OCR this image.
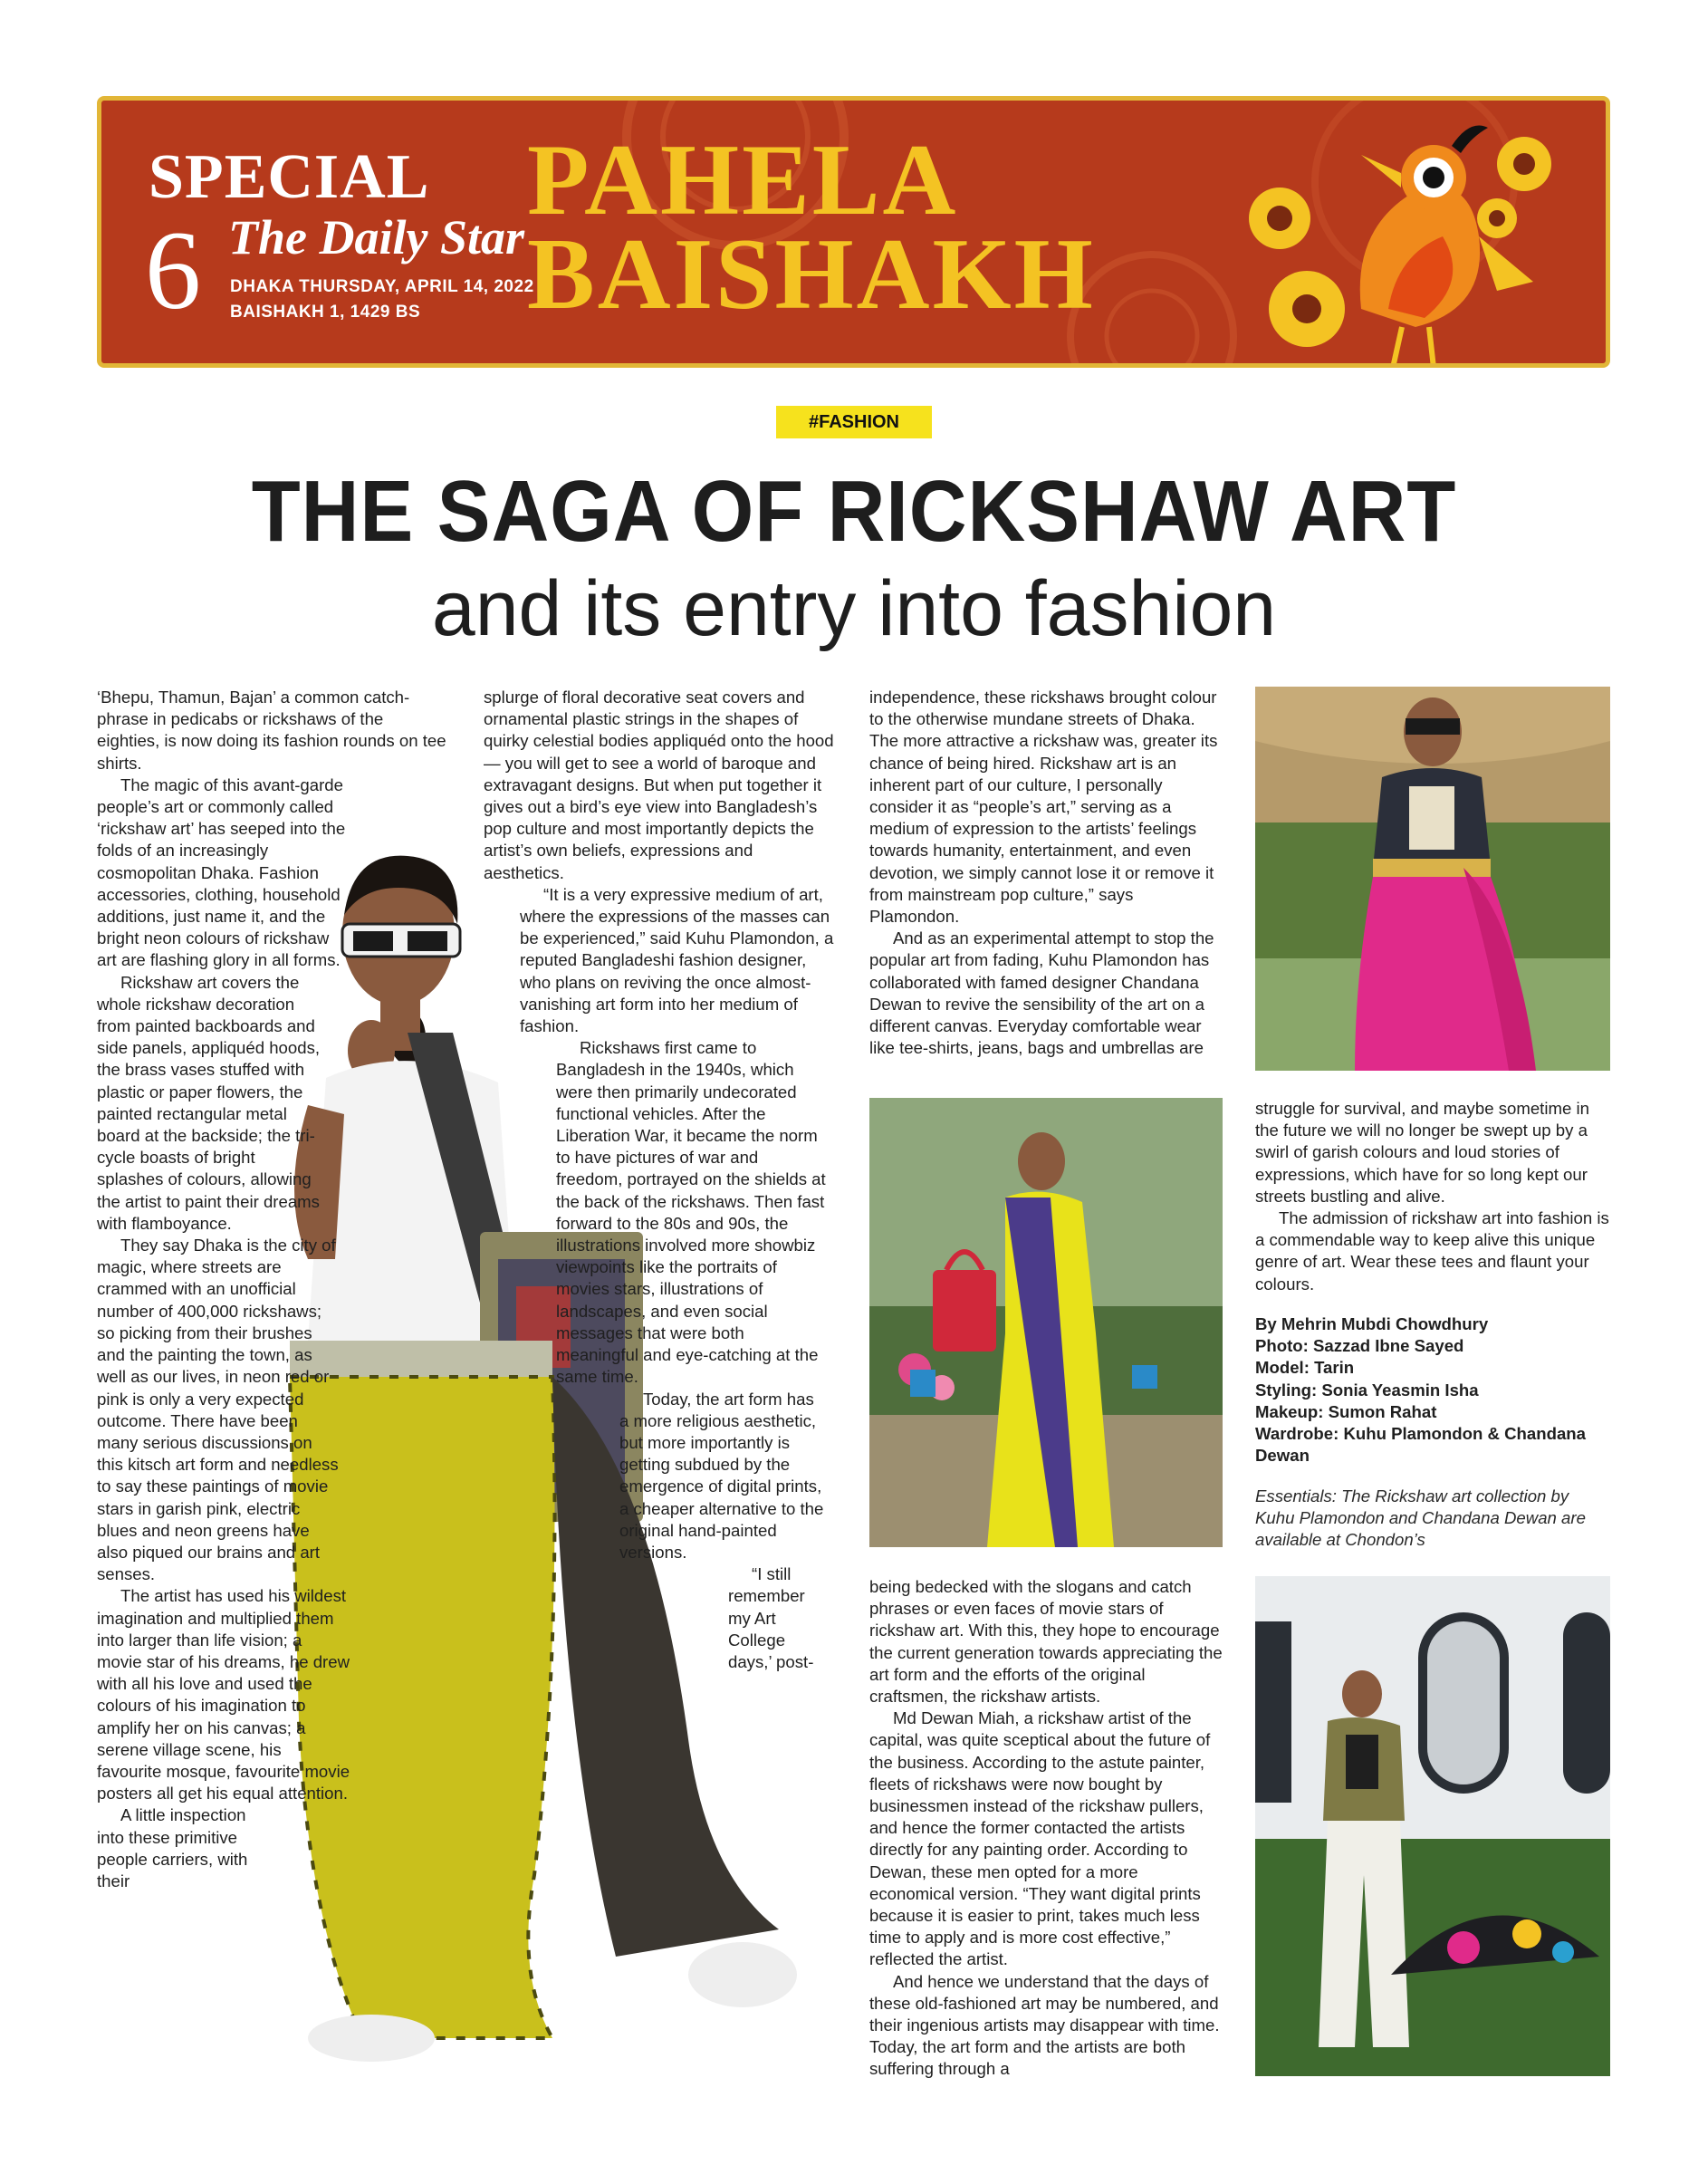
SPECIAL
6 The Daily Star
DHAKA THURSDAY, APRIL 14, 2022
BAISHAKH 1, 1429 BS
PAHELA
BAISHAKH
#FASHION
THE SAGA OF RICKSHAW ART
and its entry into fashion

‘Bhepu, Thamun, Bajan’ a common catch-phrase in pedicabs or rickshaws of the eighties, is now doing its fashion rounds on tee shirts.

The magic of this avant-garde people’s art or commonly called ‘rickshaw art’ has seeped into the folds of an increasingly cosmopolitan Dhaka. Fashion accessories, clothing, household additions, just name it, and the bright neon colours of rickshaw art are flashing glory in all forms.

Rickshaw art covers the whole rickshaw decoration from painted backboards and side panels, appliquéd hoods, the brass vases stuffed with plastic or paper flowers, the painted rectangular metal board at the backside; the tri-cycle boasts of bright splashes of colours, allowing the artist to paint their dreams with flamboyance.

They say Dhaka is the city of magic, where streets are crammed with an unofficial number of 400,000 rickshaws; so picking from their brushes and the painting the town, as well as our lives, in neon red or pink is only a very expected outcome. There have been many serious discussions on this kitsch art form and needless to say these paintings of movie stars in garish pink, electric blues and neon greens have also piqued our brains and art senses.

The artist has used his wildest imagination and multiplied them into larger than life vision; a movie star of his dreams, he drew with all his love and used the colours of his imagination to amplify her on his canvas; a serene village scene, his favourite mosque, favourite movie posters all get his equal attention.

A little inspection into these primitive people carriers, with their

splurge of floral decorative seat covers and ornamental plastic strings in the shapes of quirky celestial bodies appliquéd onto the hood — you will get to see a world of baroque and extravagant designs. But when put together it gives out a bird’s eye view into Bangladesh’s pop culture and most importantly depicts the artist’s own beliefs, expressions and aesthetics.

“It is a very expressive medium of art, where the expressions of the masses can be experienced,” said Kuhu Plamondon, a reputed Bangladeshi fashion designer, who plans on reviving the once almost-vanishing art form into her medium of fashion.

Rickshaws first came to Bangladesh in the 1940s, which were then primarily undecorated functional vehicles. After the Liberation War, it became the norm to have pictures of war and freedom, portrayed on the shields at the back of the rickshaws. Then fast forward to the 80s and 90s, the illustrations involved more showbiz viewpoints like the portraits of movies stars, illustrations of landscapes, and even social messages that were both meaningful and eye-catching at the same time.

Today, the art form has a more religious aesthetic, but more importantly is getting subdued by the emergence of digital prints, a cheaper alternative to the original hand-painted versions.

“I still remember my Art College days,’ post-

independence, these rickshaws brought colour to the otherwise mundane streets of Dhaka. The more attractive a rickshaw was, greater its chance of being hired. Rickshaw art is an inherent part of our culture, I personally consider it as “people’s art,” serving as a medium of expression to the artists’ feelings towards humanity, entertainment, and even devotion, we simply cannot lose it or remove it from mainstream pop culture,” says Plamondon.

And as an experimental attempt to stop the popular art from fading, Kuhu Plamondon has collaborated with famed designer Chandana Dewan to revive the sensibility of the art on a different canvas. Everyday comfortable wear like tee-shirts, jeans, bags and umbrellas are

being bedecked with the slogans and catch phrases or even faces of movie stars of rickshaw art. With this, they hope to encourage the current generation towards appreciating the art form and the efforts of the original craftsmen, the rickshaw artists.

Md Dewan Miah, a rickshaw artist of the capital, was quite sceptical about the future of the business. According to the astute painter, fleets of rickshaws were now bought by businessmen instead of the rickshaw pullers, and hence the former contacted the artists directly for any painting order. According to Dewan, these men opted for a more economical version. “They want digital prints because it is easier to print, takes much less time to apply and is more cost effective,” reflected the artist.

And hence we understand that the days of these old-fashioned art may be numbered, and their ingenious artists may disappear with time. Today, the art form and the artists are both suffering through a

struggle for survival, and maybe sometime in the future we will no longer be swept up by a swirl of garish colours and loud stories of expressions, which have for so long kept our streets bustling and alive.

The admission of rickshaw art into fashion is a commendable way to keep alive this unique genre of art. Wear these tees and flaunt your colours.

By Mehrin Mubdi Chowdhury
Photo: Sazzad Ibne Sayed
Model: Tarin
Styling: Sonia Yeasmin Isha
Makeup: Sumon Rahat
Wardrobe: Kuhu Plamondon & Chandana Dewan
Essentials: The Rickshaw art collection by Kuhu Plamondon and Chandana Dewan are available at Chondon’s
